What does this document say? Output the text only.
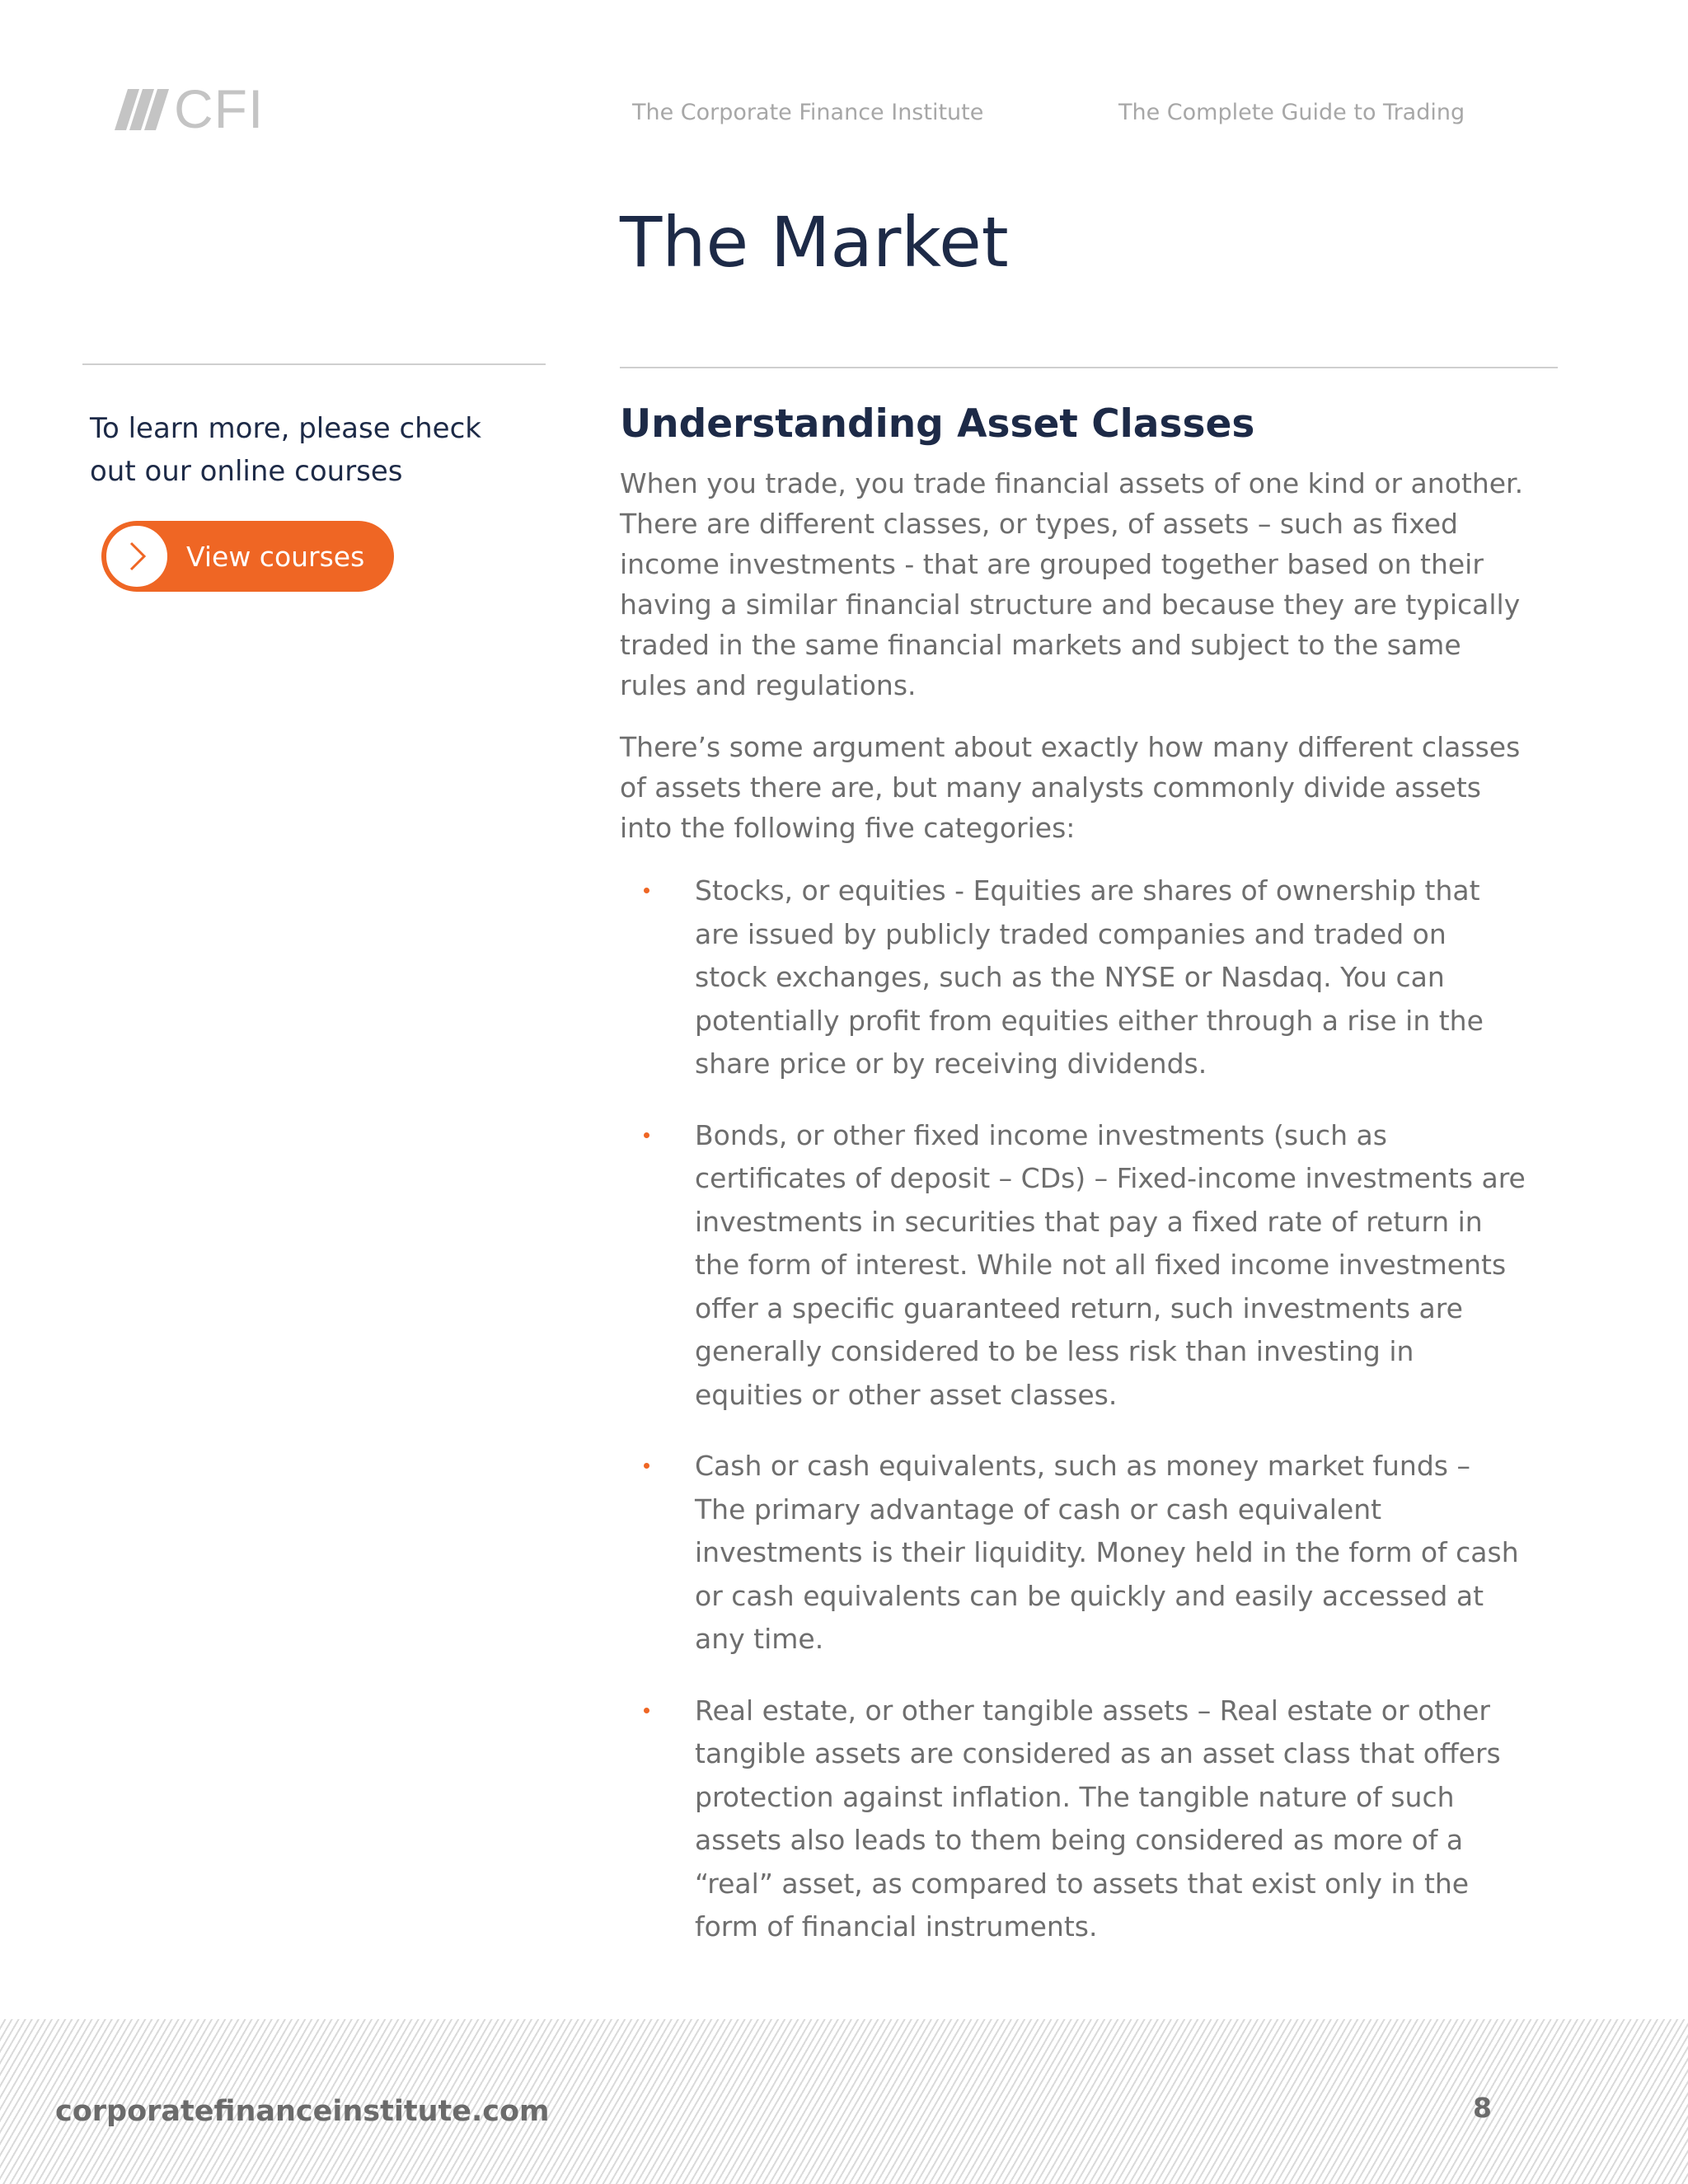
CFI	The Corporate Finance Institute	The Complete Guide to Trading
The Market

To learn more, please check out our online courses

View courses
Understanding Asset Classes

When you trade, you trade financial assets of one kind or another. There are different classes, or types, of assets – such as fixed income investments - that are grouped together based on their having a similar financial structure and because they are typically traded in the same financial markets and subject to the same rules and regulations.

There’s some argument about exactly how many different classes of assets there are, but many analysts commonly divide assets into the following five categories:

Stocks, or equities - Equities are shares of ownership that are issued by publicly traded companies and traded on stock exchanges, such as the NYSE or Nasdaq. You can potentially profit from equities either through a rise in the share price or by receiving dividends.
Bonds, or other fixed income investments (such as certificates of deposit – CDs) – Fixed-income investments are investments in securities that pay a fixed rate of return in the form of interest. While not all fixed income investments offer a specific guaranteed return, such investments are generally considered to be less risk than investing in equities or other asset classes.
Cash or cash equivalents, such as money market funds – The primary advantage of cash or cash equivalent investments is their liquidity. Money held in the form of cash or cash equivalents can be quickly and easily accessed at any time.
Real estate, or other tangible assets – Real estate or other tangible assets are considered as an asset class that offers protection against inflation. The tangible nature of such assets also leads to them being considered as more of a “real” asset, as compared to assets that exist only in the form of financial instruments.
corporatefinanceinstitute.com	8
